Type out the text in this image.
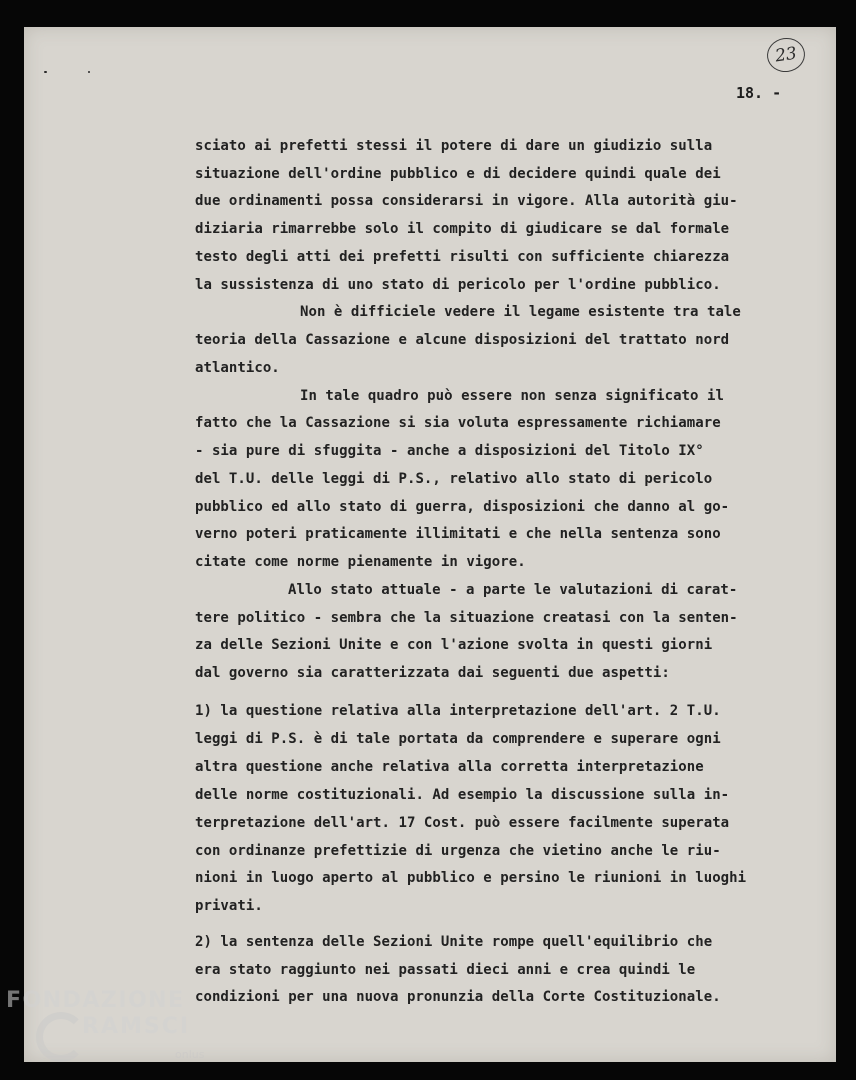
23
18. -
sciato ai prefetti stessi il potere di dare un giudizio sulla
situazione dell'ordine pubblico e di decidere quindi quale dei
due ordinamenti possa considerarsi in vigore. Alla autorità giu-
diziaria rimarrebbe solo il compito di giudicare se dal formale
testo degli atti dei prefetti risulti con sufficiente chiarezza
la sussistenza di uno stato di pericolo per l'ordine pubblico.
Non è difficiele vedere il legame esistente tra tale
teoria della Cassazione e alcune disposizioni del trattato nord
atlantico.
In tale quadro può essere non senza significato il
fatto che la Cassazione si sia voluta espressamente richiamare
- sia pure di sfuggita - anche a disposizioni del Titolo IX°
del T.U. delle leggi di P.S., relativo allo stato di pericolo
pubblico ed allo stato di guerra, disposizioni che danno al go-
verno poteri praticamente illimitati e che nella sentenza sono
citate come norme pienamente in vigore.
Allo stato attuale - a parte le valutazioni di carat-
tere politico - sembra che la situazione creatasi con la senten-
za delle Sezioni Unite e con l'azione svolta in questi giorni
dal governo sia caratterizzata dai seguenti due aspetti:
1) la questione relativa alla interpretazione dell'art. 2 T.U.
leggi di P.S. è di tale portata da comprendere e superare ogni
altra questione anche relativa alla corretta interpretazione
delle norme costituzionali. Ad esempio la discussione sulla in-
terpretazione dell'art. 17 Cost. può essere facilmente superata
con ordinanze prefettizie di urgenza che vietino anche le riu-
nioni in luogo aperto al pubblico e persino le riunioni in luoghi
privati.
2) la sentenza delle Sezioni Unite rompe quell'equilibrio che
era stato raggiunto nei passati dieci anni e crea quindi le
condizioni per una nuova pronunzia della Corte Costituzionale.
FONDAZIONE
RAMSCI
onlus
